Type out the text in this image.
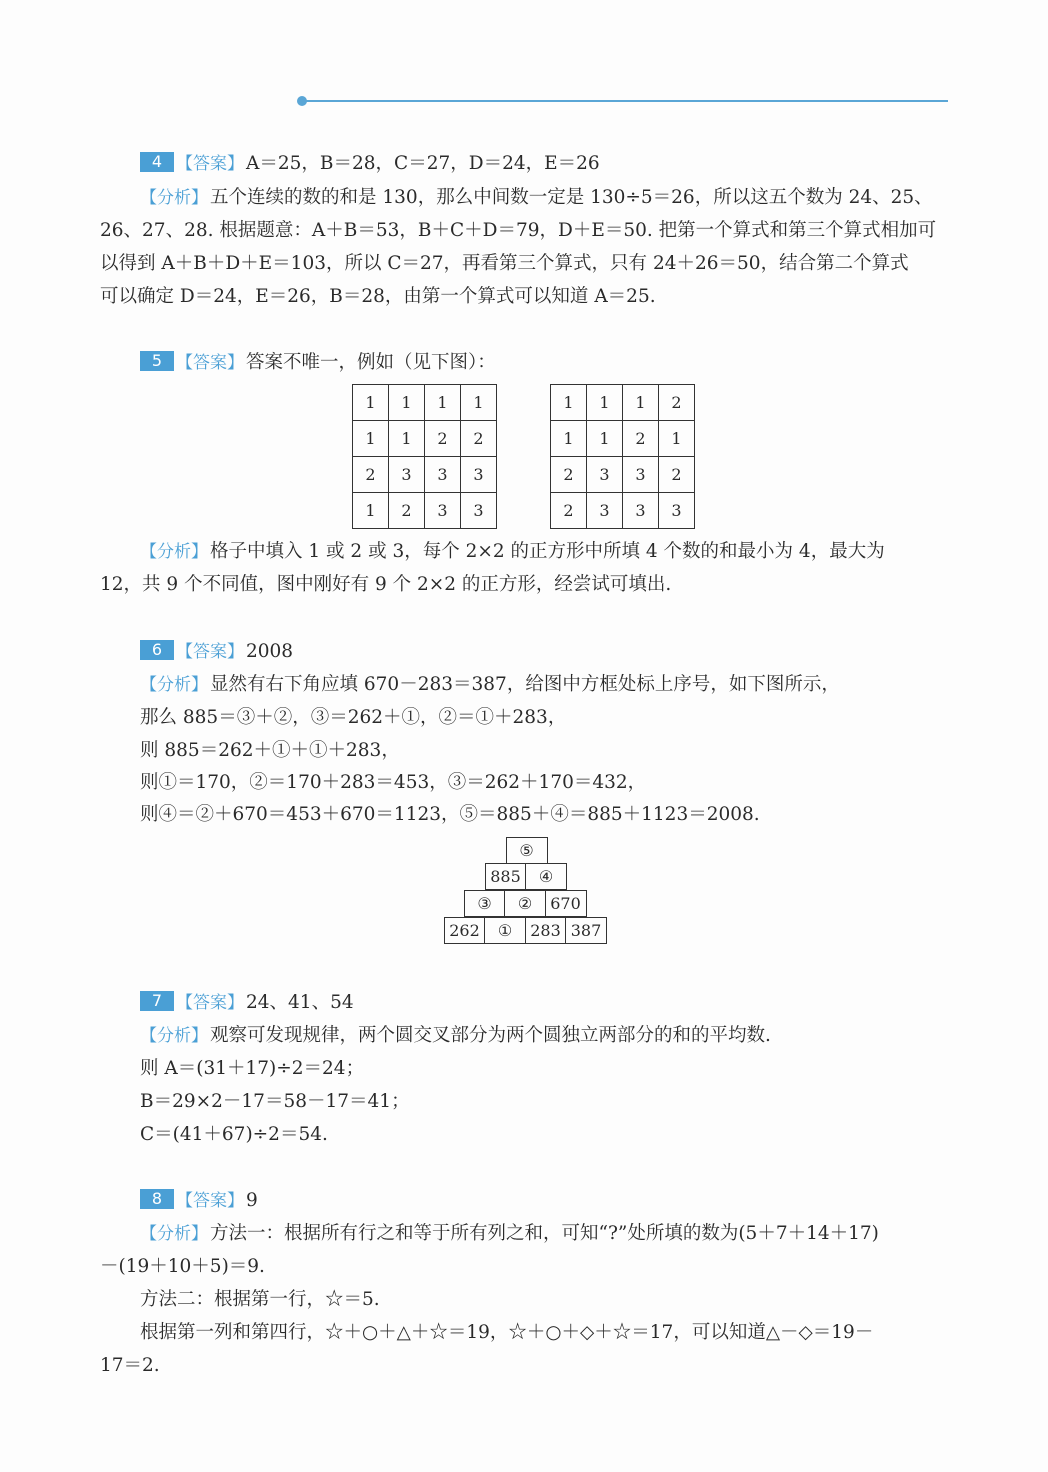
4 【答案】 A＝25，B＝28，C＝27，D＝24，E＝26
【分析】 五个连续的数的和是 130，那么中间数一定是 130÷5＝26，所以这五个数为 24、25、
26、27、28. 根据题意：A＋B＝53，B＋C＋D＝79，D＋E＝50. 把第一个算式和第三个算式相加可
以得到 A＋B＋D＋E＝103，所以 C＝27，再看第三个算式，只有 24＋26＝50，结合第二个算式
可以确定 D＝24，E＝26，B＝28，由第一个算式可以知道 A＝25.
5 【答案】 答案不唯一，例如（见下图）：
1	1	1	1
1	1	2	2
2	3	3	3
1	2	3	3
1	1	1	2
1	1	2	1
2	3	3	2
2	3	3	3
【分析】 格子中填入 1 或 2 或 3，每个 2×2 的正方形中所填 4 个数的和最小为 4，最大为
12，共 9 个不同值，图中刚好有 9 个 2×2 的正方形，经尝试可填出.
6 【答案】 2008
【分析】 显然有右下角应填 670－283＝387，给图中方框处标上序号，如下图所示，
那么 885＝③＋②，③＝262＋①，②＝①＋283，
则 885＝262＋①＋①＋283，
则①＝170，②＝170＋283＝453，③＝262＋170＝432，
则④＝②＋670＝453＋670＝1123，⑤＝885＋④＝885＋1123＝2008.
⑤
885	④
③	②	670
262	①	283 387
7 【答案】 24、41、54
【分析】 观察可发现规律，两个圆交叉部分为两个圆独立两部分的和的平均数.
则 A＝(31＋17)÷2＝24；
B＝29×2－17＝58－17＝41；
C＝(41＋67)÷2＝54.
8 【答案】 9
【分析】 方法一：根据所有行之和等于所有列之和，可知“?”处所填的数为(5＋7＋14＋17)
－(19＋10＋5)＝9.
方法二：根据第一行，☆＝5.
根据第一列和第四行，☆＋○＋△＋☆＝19，☆＋○＋◇＋☆＝17，可以知道△－◇＝19－
17＝2.
